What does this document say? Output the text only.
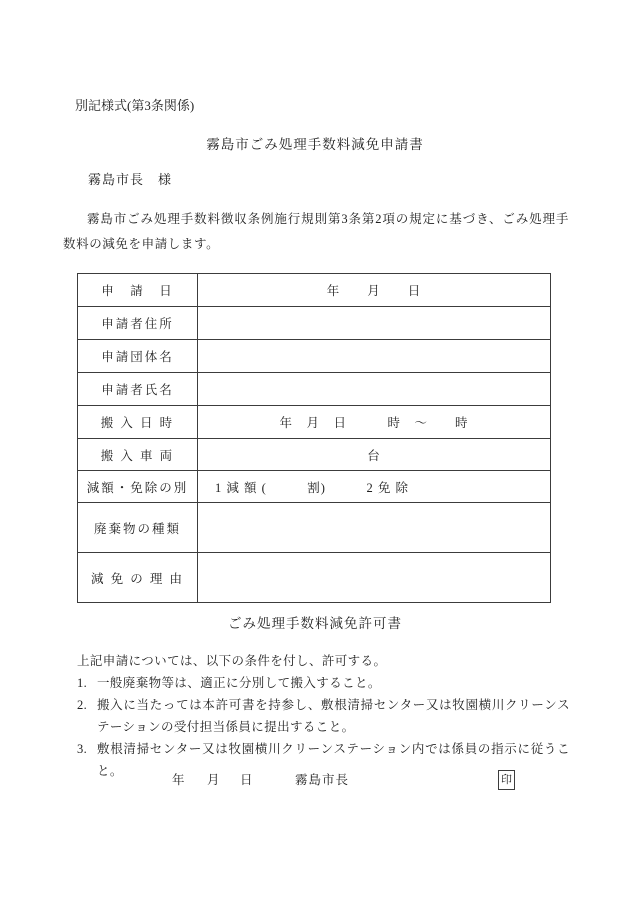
別記様式(第3条関係)
霧島市ごみ処理手数料減免申請書
霧島市長　様
霧島市ごみ処理手数料徴収条例施行規則第3条第2項の規定に基づき、ごみ処理手数料の減免を申請します。
申　請　日	年　　月　　日
申請者住所
申請団体名
申請者氏名
搬 入 日 時	年　月　日　　　時　～　　時
搬 入 車 両	台
減額・免除の別	1 減 額 (　　　割)　　　2 免 除
廃棄物の種類
減 免 の 理 由
ごみ処理手数料減免許可書
上記申請については、以下の条件を付し、許可する。
1. 一般廃棄物等は、適正に分別して搬入すること。
2. 搬入に当たっては本許可書を持参し、敷根清掃センター又は牧園横川クリーンステーションの受付担当係員に提出すること。
3. 敷根清掃センター又は牧園横川クリーンステーション内では係員の指示に従うこと。
年 月 日	霧島市長	印
